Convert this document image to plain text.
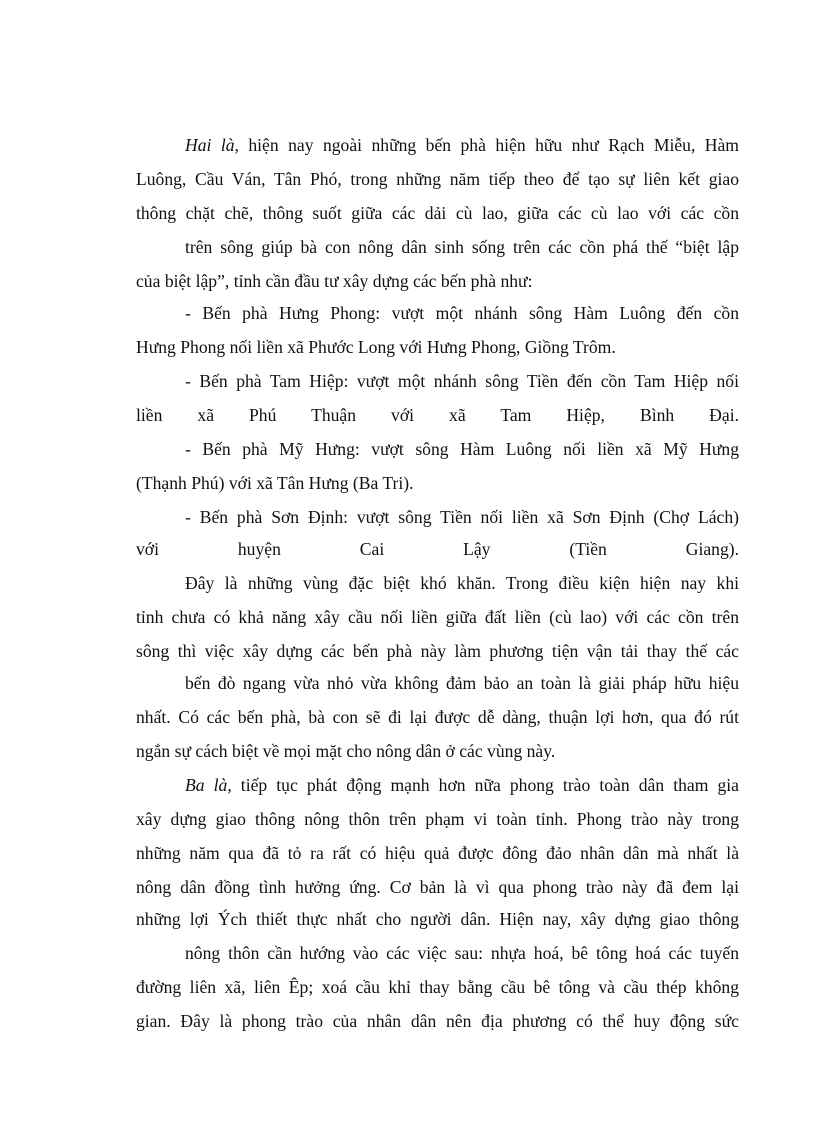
Hai là, hiện nay ngoài những bến phà hiện hữu như Rạch Miễu, Hàm
Luông, Cầu Ván, Tân Phó, trong những năm tiếp theo để tạo sự liên kết giao
thông chặt chẽ, thông suốt giữa các dải cù lao, giữa các cù lao với các cồn
trên sông giúp bà con nông dân sinh sống trên các cồn phá thế “biệt lập
của biệt lập”, tỉnh cần đầu tư xây dựng các bến phà như:
- Bến phà Hưng Phong: vượt một nhánh sông Hàm Luông đến cồn
Hưng Phong nối liền xã Phước Long với Hưng Phong, Giồng Trôm.
- Bến phà Tam Hiệp: vượt một nhánh sông Tiền đến cồn Tam Hiệp nối
liền xã Phú Thuận với xã Tam Hiệp, Bình Đại.
- Bến phà Mỹ Hưng: vượt sông Hàm Luông nối liền xã Mỹ Hưng
(Thạnh Phú) với xã Tân Hưng (Ba Tri).
- Bến phà Sơn Định: vượt sông Tiền nối liền xã Sơn Định (Chợ Lách)
với huyện Cai Lậy (Tiền Giang).
Đây là những vùng đặc biệt khó khăn. Trong điều kiện hiện nay khi
tỉnh chưa có khả năng xây cầu nối liền giữa đất liền (cù lao) với các cồn trên
sông thì việc xây dựng các bến phà này làm phương tiện vận tải thay thế các
bến đò ngang vừa nhỏ vừa không đảm bảo an toàn là giải pháp hữu hiệu
nhất. Có các bến phà, bà con sẽ đi lại được dễ dàng, thuận lợi hơn, qua đó rút
ngắn sự cách biệt về mọi mặt cho nông dân ở các vùng này.
Ba là, tiếp tục phát động mạnh hơn nữa phong trào toàn dân tham gia
xây dựng giao thông nông thôn trên phạm vi toàn tỉnh. Phong trào này trong
những năm qua đã tỏ ra rất có hiệu quả được đông đảo nhân dân mà nhất là
nông dân đồng tình hưởng ứng. Cơ bản là vì qua phong trào này đã đem lại
những lợi Ých thiết thực nhất cho người dân. Hiện nay, xây dựng giao thông
nông thôn cần hướng vào các việc sau: nhựa hoá, bê tông hoá các tuyến
đường liên xã, liên Êp; xoá cầu khỉ thay bằng cầu bê tông và cầu thép không
gian. Đây là phong trào của nhân dân nên địa phương có thể huy động sức
